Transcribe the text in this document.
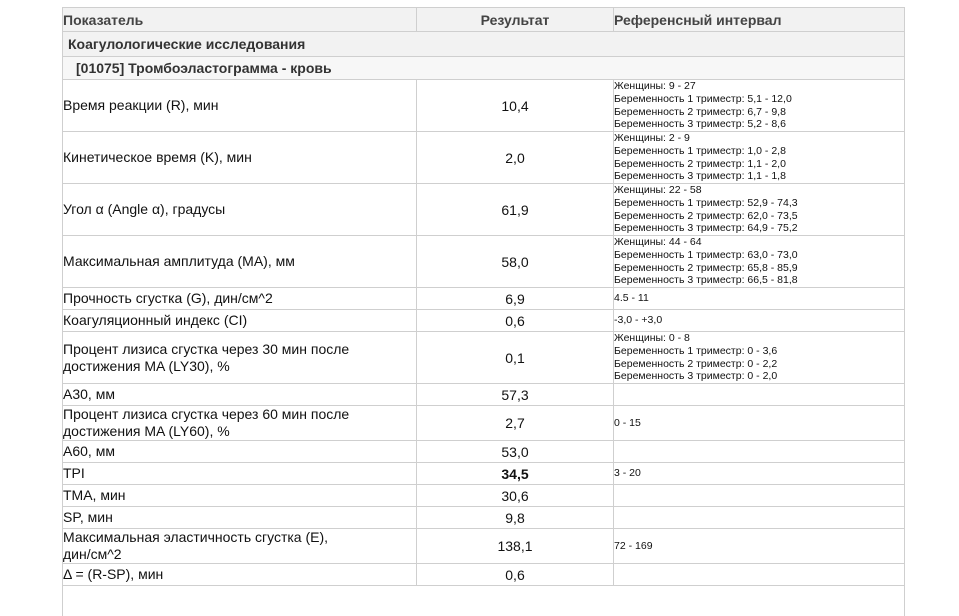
Показатель	Результат	Референсный интервал
Коагулологические исследования		
[01075] Тромбоэластограмма - кровь		

Время реакции (R), мин	10,4	Женщины: 9 - 27
Беременность 1 триместр: 5,1 - 12,0
Беременность 2 триместр: 6,7 - 9,8
Беременность 3 триместр: 5,2 - 8,6

Кинетическое время (K), мин	2,0	Женщины: 2 - 9
Беременность 1 триместр: 1,0 - 2,8
Беременность 2 триместр: 1,1 - 2,0
Беременность 3 триместр: 1,1 - 1,8

Угол α (Angle α), градусы	61,9	Женщины: 22 - 58
Беременность 1 триместр: 52,9 - 74,3
Беременность 2 триместр: 62,0 - 73,5
Беременность 3 триместр: 64,9 - 75,2

Максимальная амплитуда (MA), мм	58,0	Женщины: 44 - 64
Беременность 1 триместр: 63,0 - 73,0
Беременность 2 триместр: 65,8 - 85,9
Беременность 3 триместр: 66,5 - 81,8

Прочность сгустка (G), дин/см^2	6,9	4.5 - 11

Коагуляционный индекс (CI)	0,6	-3,0 - +3,0

Процент лизиса сгустка через 30 мин после
достижения MA (LY30), %	0,1	Женщины: 0 - 8
Беременность 1 триместр: 0 - 3,6
Беременность 2 триместр: 0 - 2,2
Беременность 3 триместр: 0 - 2,0

A30, мм	57,3	

Процент лизиса сгустка через 60 мин после
достижения MA (LY60), %	2,7	0 - 15

A60, мм	53,0	

TPI	34,5	3 - 20

TMA, мин	30,6	

SP, мин	9,8	

Максимальная эластичность сгустка (E),
дин/см^2	138,1	72 - 169

Δ = (R-SP), мин	0,6	
